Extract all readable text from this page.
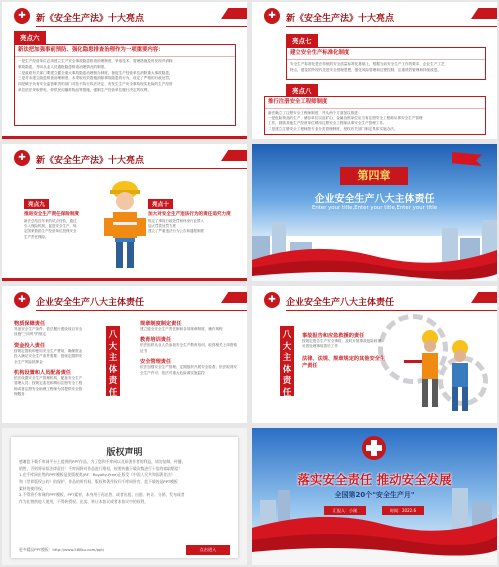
✚	新《安全生产法》十大亮点
亮点六
新法把加强事前预防、强化隐患排查治理作为一项重要内容：
一是生产经营单位必须建立生产安全事故隐患排查治理制度，采取技术、管理措施及时发现并消除
事故隐患，并向从业人员通报隐患排查治理情况的制度。
二是政府有关部门要建立健全重大事故隐患治理督办制度，督促生产经营单位消除重大事故隐患。
三是对未建立隐患排查治理制度、未采取有效措施消除事故隐患的行为，设定了严格的行政处罚。
四是赋予负有安全监管职责的部门对拒不执行执法决定、有发生生产安全事故现实危险的生产经营
单位依法采取停电、停供民用爆炸物品等措施，强制生产经营单位履行决定的权利。
✚	新《安全生产法》十大亮点
亮点七
建立安全生产标准化制度
安全生产标准化是在传统的安全质量标准化基础上，根据当前安全生产工作的要求、企业生产工艺
特点，借鉴国外现代先进安全管理思想，强化风险管理和过程控制，注重绩效管理和持续改进。
亮点八
推行注册安全工程师制度
新法确立了注册安全工程师制度，并从两个方面加以推进：
一是危险物品的生产、储存单位以及矿山、金属冶炼单位应当有注册安全工程师从事安全生产管理
工作，鼓励其他生产经营单位聘用注册安全工程师从事安全生产管理工作。
二是建立注册安全工程师按专业分类管理制度，授权有关部门制定具体实施办法。
✚	新《安全生产法》十大亮点
亮点九
推进安全生产责任保险制度
新法总结近年来的试点经验，通过
引入保险机制，促进安全生产，规
定国家鼓励生产经营单位投保安全
生产责任保险。
亮点十
加大对安全生产违法行为的责任追究力度
规定了事故行政处罚和终身行业禁入
加大罚款处罚力度
建立了严重违法行为公告和通报制度
第四章
企业安全生产八大主体责任
Enter your title,Enter your title,Enter your title
✚	企业安全生产八大主体责任
物质保障责任
具备安全生产条件；依法履行建设项目安全设施"三同时"的规定
资金投入责任
按规定提取和使用安全生产费用，确保资金投入满足安全生产条件需要；按规定缴纳安全生产风险抵押金
机构设置和人员配备责任
依法设置安全生产管理机构，配备安全生产管理人员；按规定委托和聘用注册安全工程师或者注册安全助理工程师为其提供安全管理服务
八
大
主
体
责
任
规章制度制定责任
建立健全安全生产责任制和各项规章制度、操作规程
教育培训责任
依法组织从业人员参加安全生产教育培训，取得相关上岗资格证书
安全管理责任
依法加强安全生产管理；定期组织开展安全检查；依法取得安全生产许可；依法对重大危险源实施监控
✚	企业安全生产八大主体责任
八
大
主
体
责
任
事故报告和应急救援的责任
按规定报告生产安全事故；及时开展事故抢险救援；妥善处理事故善后工作
法律、法规、规章规定的其他安全生产责任
版权声明
感谢您下载千库网平台上提供的PPT作品，为了您和千库网以及原创作者的利益，请勿复制、传播、
销售，否则将承担法律责任！千库网将对作品进行维权，按照传播下载次数进行十倍的索取赔偿！
1.在千库网出售的PPT模板是免版税类(RF：Royalty-Free)正版受《中国人民共和国著作法》
和《世界版权公约》的保护，作品的所有权、版权和著作权归千库网所有，您下载的是PPT模板
素材的使用权。
2.不得将千库网的PPT模板、PPT素材，本身用于再出售，或者出租、出借、转让、分销、发布或者
作为礼物供他人使用，不得转授权、出卖、转让本协议或者本协议中的权利。
更多精品PPT模板：http://www.588ku.com/ppt/	点击进入
落实安全责任 推动安全发展
全国第20个"安全生产月"
汇报人：小刚	时间：2022.6
